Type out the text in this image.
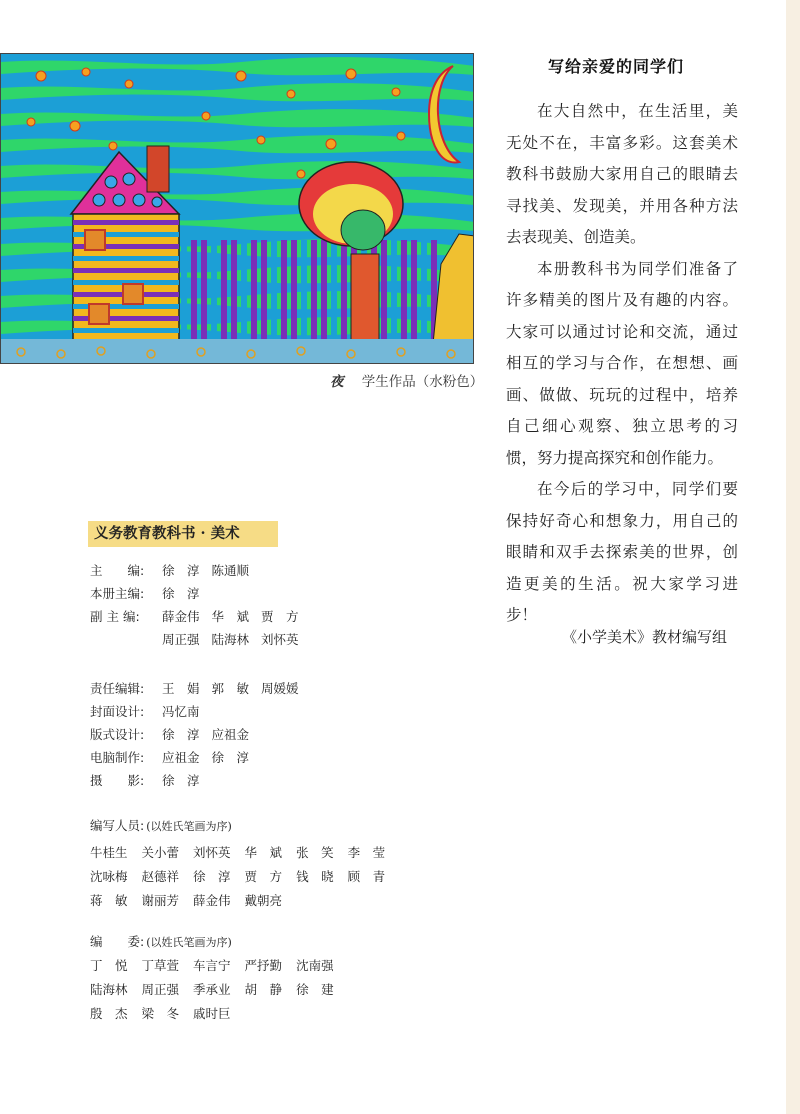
夜 学生作品（水粉色）
写给亲爱的同学们

在大自然中，在生活里，美无处不在，丰富多彩。这套美术教科书鼓励大家用自己的眼睛去寻找美、发现美，并用各种方法去表现美、创造美。

本册教科书为同学们准备了许多精美的图片及有趣的内容。大家可以通过讨论和交流，通过相互的学习与合作，在想想、画画、做做、玩玩的过程中，培养自己细心观察、独立思考的习惯，努力提高探究和创作能力。

在今后的学习中，同学们要保持好奇心和想象力，用自己的眼睛和双手去探索美的世界，创造更美的生活。祝大家学习进步！

《小学美术》教材编写组
义务教育教科书 · 美术
主　　编: 徐　淳 陈通顺
本册主编: 徐　淳
副 主 编: 薛金伟 华　斌 贾　方
周正强 陆海林 刘怀英
责任编辑: 王　娟 郭　敏 周媛媛
封面设计: 冯忆南
版式设计: 徐　淳 应祖金
电脑制作: 应祖金 徐　淳
摄　　影: 徐　淳
编写人员: (以姓氏笔画为序)
牛桂生 关小蕾 刘怀英 华　斌 张　笑 李　莹
沈咏梅 赵德祥 徐　淳 贾　方 钱　晓 顾　青
蒋　敏 谢丽芳 薛金伟 戴朝亮
编　　委: (以姓氏笔画为序)
丁　悦 丁草萱 车言宁 严抒勤 沈南强
陆海林 周正强 季承业 胡　静 徐　建
殷　杰 梁　冬 戚时巨
